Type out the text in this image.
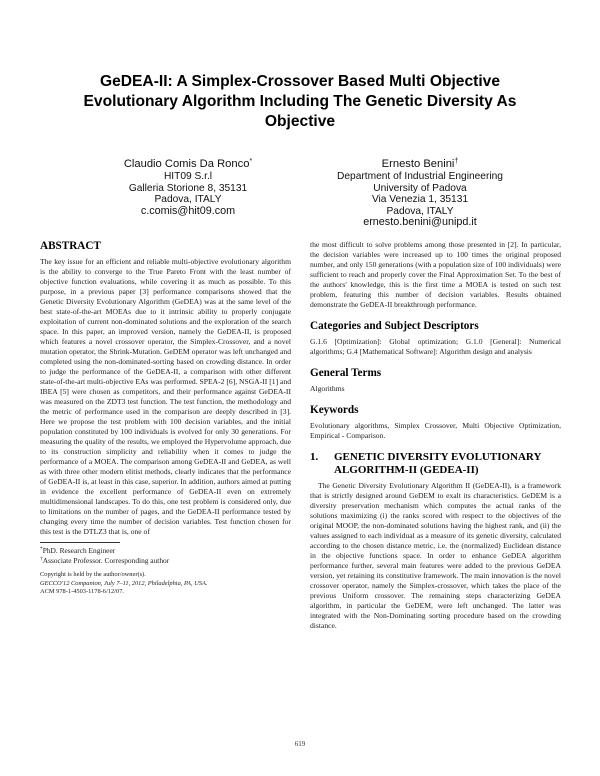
GeDEA-II: A Simplex-Crossover Based Multi Objective
Evolutionary Algorithm Including The Genetic Diversity As
Objective
Claudio Comis Da Ronco*
HIT09 S.r.l
Galleria Storione 8, 35131
Padova, ITALY
c.comis@hit09.com
Ernesto Benini†
Department of Industrial Engineering
University of Padova
Via Venezia 1, 35131
Padova, ITALY
ernesto.benini@unipd.it
ABSTRACT

The key issue for an efficient and reliable multi-objective evolutionary algorithm is the ability to converge to the True Pareto Front with the least number of objective function evaluations, while covering it as much as possible. To this purpose, in a previous paper [3] performance comparisons showed that the Genetic Diversity Evolutionary Algorithm (GeDEA) was at the same level of the best state-of-the-art MOEAs due to it intrinsic ability to properly conjugate exploitation of current non-dominated solutions and the exploration of the search space. In this paper, an improved version, namely the GeDEA-II, is proposed which features a novel crossover operator, the Simplex-Crossover, and a novel mutation operator, the Shrink-Mutation. GeDEM operator was left unchanged and completed using the non-dominated-sorting based on crowding distance. In order to judge the performance of the GeDEA-II, a comparison with other different state-of-the-art multi-objective EAs was performed. SPEA-2 [6], NSGA-II [1] and IBEA [5] were chosen as competitors, and their performance against GeDEA-II was measured on the ZDT3 test function. The test function, the methodology and the metric of performance used in the comparison are deeply described in [3]. Here we propose the test problem with 100 decision variables, and the initial population constituted by 100 individuals is evolved for only 30 generations. For measuring the quality of the results, we employed the Hypervolume approach, due to its construction simplicity and reliability when it comes to judge the performance of a MOEA. The comparison among GeDEA-II and GeDEA, as well as with three other modern elitist methods, clearly indicates that the performance of GeDEA-II is, at least in this case, superior. In addition, authors aimed at putting in evidence the excellent performance of GeDEA-II even on extremely multidimensional landscapes. To do this, one test problem is considered only, due to limitations on the number of pages, and the GeDEA-II performance tested by changing every time the number of decision variables. Test function chosen for this test is the DTLZ3 that is, one of

*PhD. Research Engineer
†Associate Professor. Corresponding author
Copyright is held by the author/owner(s).
GECCO'12 Companion, July 7–11, 2012, Philadelphia, PA, USA.
ACM 978-1-4503-1178-6/12/07.

the most difficult to solve problems among those presented in [2]. In particular, the decision variables were increased up to 100 times the original proposed number, and only 150 generations (with a population size of 100 individuals) were sufficient to reach and properly cover the Final Approximation Set. To the best of the authors' knowledge, this is the first time a MOEA is tested on such test problem, featuring this number of decision variables. Results obtained demonstrate the GeDEA-II breakthrough performance.

Categories and Subject Descriptors

G.1.6 [Optimization]: Global optimization; G.1.0 [General]: Numerical algorithms; G.4 [Mathematical Software]: Algorithm design and analysis

General Terms

Algorithms

Keywords

Evolutionary algorithms, Simplex Crossover, Multi Objective Optimization, Empirical - Comparison.

1. GENETIC DIVERSITY EVOLUTIONARY
ALGORITHM-II (GEDEA-II)

The Genetic Diversity Evolutionary Algorithm II (GeDEA-II), is a framework that is strictly designed around GeDEM to exalt its characteristics. GeDEM is a diversity preservation mechanism which computes the actual ranks of the solutions maximizing (i) the ranks scored with respect to the objectives of the original MOOP, the non-dominated solutions having the highest rank, and (ii) the values assigned to each individual as a measure of its genetic diversity, calculated according to the chosen distance metric, i.e. the (normalized) Euclidean distance in the objective functions space. In order to enhance GeDEA algorithm performance further, several main features were added to the previous GeDEA version, yet retaining its constitutive framework. The main innovation is the novel crossover operator, namely the Simplex-crossover, which takes the place of the previous Uniform crossover. The remaining steps characterizing GeDEA algorithm, in particular the GeDEM, were left unchanged. The latter was integrated with the Non-Dominating sorting procedure based on the crowding distance.

619
